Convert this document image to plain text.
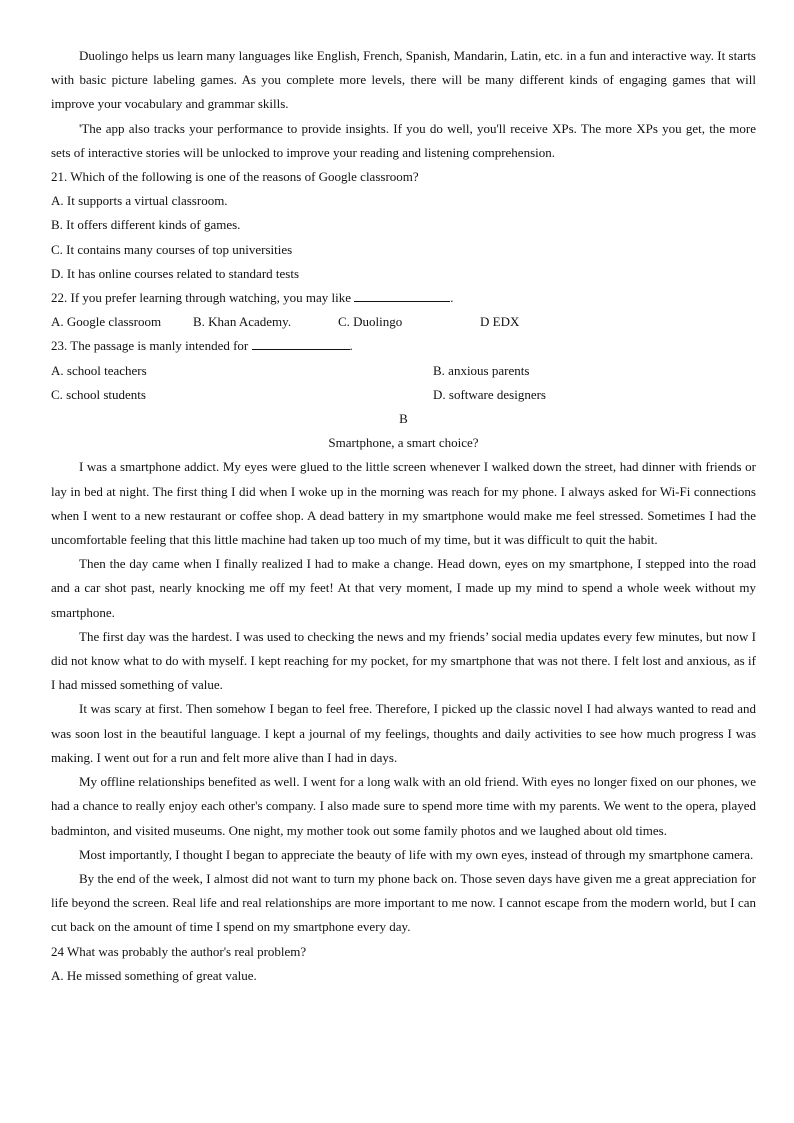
Duolingo helps us learn many languages like English, French, Spanish, Mandarin, Latin, etc. in a fun and interactive way. It starts with basic picture labeling games. As you complete more levels, there will be many different kinds of engaging games that will improve your vocabulary and grammar skills.

'The app also tracks your performance to provide insights. If you do well, you'll receive XPs. The more XPs you get, the more sets of interactive stories will be unlocked to improve your reading and listening comprehension.

21. Which of the following is one of the reasons of Google classroom?
A. It supports a virtual classroom.
B. It offers different kinds of games.
C. It contains many courses of top universities
D. It has online courses related to standard tests
22. If you prefer learning through watching, you may like	.
A. Google classroom	B. Khan Academy.	C. Duolingo	D EDX
23. The passage is manly intended for	.
A. school teachers	B. anxious parents
C. school students	D. software designers
B
Smartphone, a smart choice?

I was a smartphone addict. My eyes were glued to the little screen whenever I walked down the street, had dinner with friends or lay in bed at night. The first thing I did when I woke up in the morning was reach for my phone. I always asked for Wi-Fi connections when I went to a new restaurant or coffee shop. A dead battery in my smartphone would make me feel stressed. Sometimes I had the uncomfortable feeling that this little machine had taken up too much of my time, but it was difficult to quit the habit.

Then the day came when I finally realized I had to make a change. Head down, eyes on my smartphone, I stepped into the road and a car shot past, nearly knocking me off my feet! At that very moment, I made up my mind to spend a whole week without my smartphone.

The first day was the hardest. I was used to checking the news and my friends’ social media updates every few minutes, but now I did not know what to do with myself. I kept reaching for my pocket, for my smartphone that was not there. I felt lost and anxious, as if I had missed something of value.

It was scary at first. Then somehow I began to feel free. Therefore, I picked up the classic novel I had always wanted to read and was soon lost in the beautiful language. I kept a journal of my feelings, thoughts and daily activities to see how much progress I was making. I went out for a run and felt more alive than I had in days.

My offline relationships benefited as well. I went for a long walk with an old friend. With eyes no longer fixed on our phones, we had a chance to really enjoy each other's company. I also made sure to spend more time with my parents. We went to the opera, played badminton, and visited museums. One night, my mother took out some family photos and we laughed about old times.

Most importantly, I thought I began to appreciate the beauty of life with my own eyes, instead of through my smartphone camera.

By the end of the week, I almost did not want to turn my phone back on. Those seven days have given me a great appreciation for life beyond the screen. Real life and real relationships are more important to me now. I cannot escape from the modern world, but I can cut back on the amount of time I spend on my smartphone every day.

24 What was probably the author's real problem?
A. He missed something of great value.
